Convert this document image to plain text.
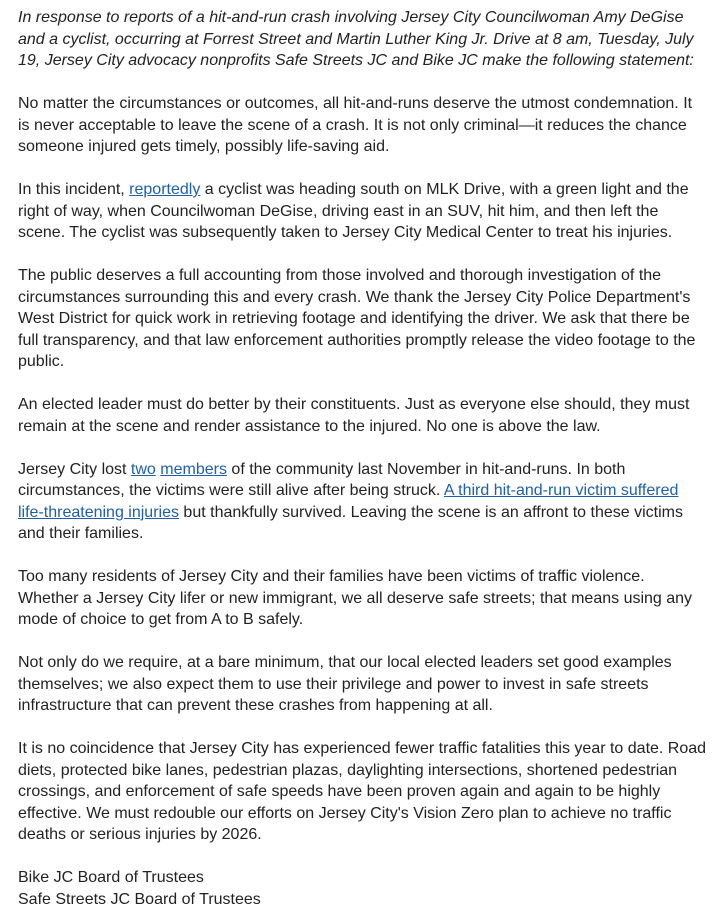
In response to reports of a hit-and-run crash involving Jersey City Councilwoman Amy DeGise and a cyclist, occurring at Forrest Street and Martin Luther King Jr. Drive at 8 am, Tuesday, July 19, Jersey City advocacy nonprofits Safe Streets JC and Bike JC make the following statement:

No matter the circumstances or outcomes, all hit-and-runs deserve the utmost condemnation. It is never acceptable to leave the scene of a crash. It is not only criminal—it reduces the chance someone injured gets timely, possibly life-saving aid.

In this incident, reportedly a cyclist was heading south on MLK Drive, with a green light and the right of way, when Councilwoman DeGise, driving east in an SUV, hit him, and then left the scene. The cyclist was subsequently taken to Jersey City Medical Center to treat his injuries.

The public deserves a full accounting from those involved and thorough investigation of the circumstances surrounding this and every crash. We thank the Jersey City Police Department's West District for quick work in retrieving footage and identifying the driver. We ask that there be full transparency, and that law enforcement authorities promptly release the video footage to the public.

An elected leader must do better by their constituents. Just as everyone else should, they must remain at the scene and render assistance to the injured. No one is above the law.

Jersey City lost two members of the community last November in hit-and-runs. In both circumstances, the victims were still alive after being struck. A third hit-and-run victim suffered life-threatening injuries but thankfully survived. Leaving the scene is an affront to these victims and their families.

Too many residents of Jersey City and their families have been victims of traffic violence. Whether a Jersey City lifer or new immigrant, we all deserve safe streets; that means using any mode of choice to get from A to B safely.

Not only do we require, at a bare minimum, that our local elected leaders set good examples themselves; we also expect them to use their privilege and power to invest in safe streets infrastructure that can prevent these crashes from happening at all.

It is no coincidence that Jersey City has experienced fewer traffic fatalities this year to date. Road diets, protected bike lanes, pedestrian plazas, daylighting intersections, shortened pedestrian crossings, and enforcement of safe speeds have been proven again and again to be highly effective. We must redouble our efforts on Jersey City's Vision Zero plan to achieve no traffic deaths or serious injuries by 2026.

Bike JC Board of Trustees

Safe Streets JC Board of Trustees
